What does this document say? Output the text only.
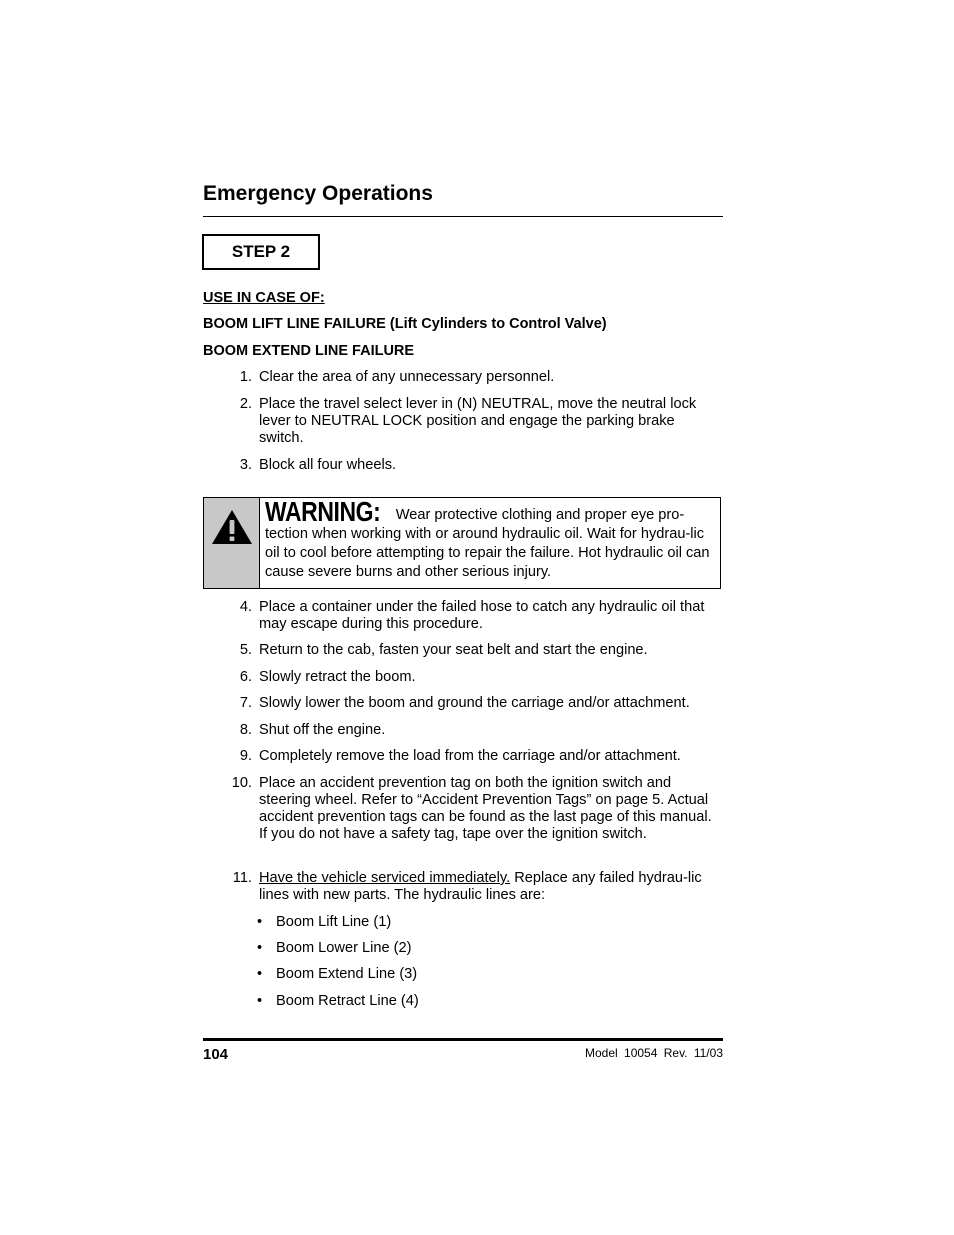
Emergency Operations
STEP 2
USE IN CASE OF:
BOOM LIFT LINE FAILURE (Lift Cylinders to Control Valve)
BOOM EXTEND LINE FAILURE
1. Clear the area of any unnecessary personnel.
2. Place the travel select lever in (N) NEUTRAL, move the neutral lock lever to NEUTRAL LOCK position and engage the parking brake switch.
3. Block all four wheels.
WARNING: Wear protective clothing and proper eye pro-tection when working with or around hydraulic oil. Wait for hydrau-lic oil to cool before attempting to repair the failure. Hot hydraulic oil can cause severe burns and other serious injury.
4. Place a container under the failed hose to catch any hydraulic oil that may escape during this procedure.
5. Return to the cab, fasten your seat belt and start the engine.
6. Slowly retract the boom.
7. Slowly lower the boom and ground the carriage and/or attachment.
8. Shut off the engine.
9. Completely remove the load from the carriage and/or attachment.
10. Place an accident prevention tag on both the ignition switch and steering wheel. Refer to “Accident Prevention Tags” on page 5. Actual accident prevention tags can be found as the last page of this manual. If you do not have a safety tag, tape over the ignition switch.
11. Have the vehicle serviced immediately. Replace any failed hydrau-lic lines with new parts. The hydraulic lines are:
• Boom Lift Line (1)
• Boom Lower Line (2)
• Boom Extend Line (3)
• Boom Retract Line (4)
104	Model 10054 Rev. 11/03
